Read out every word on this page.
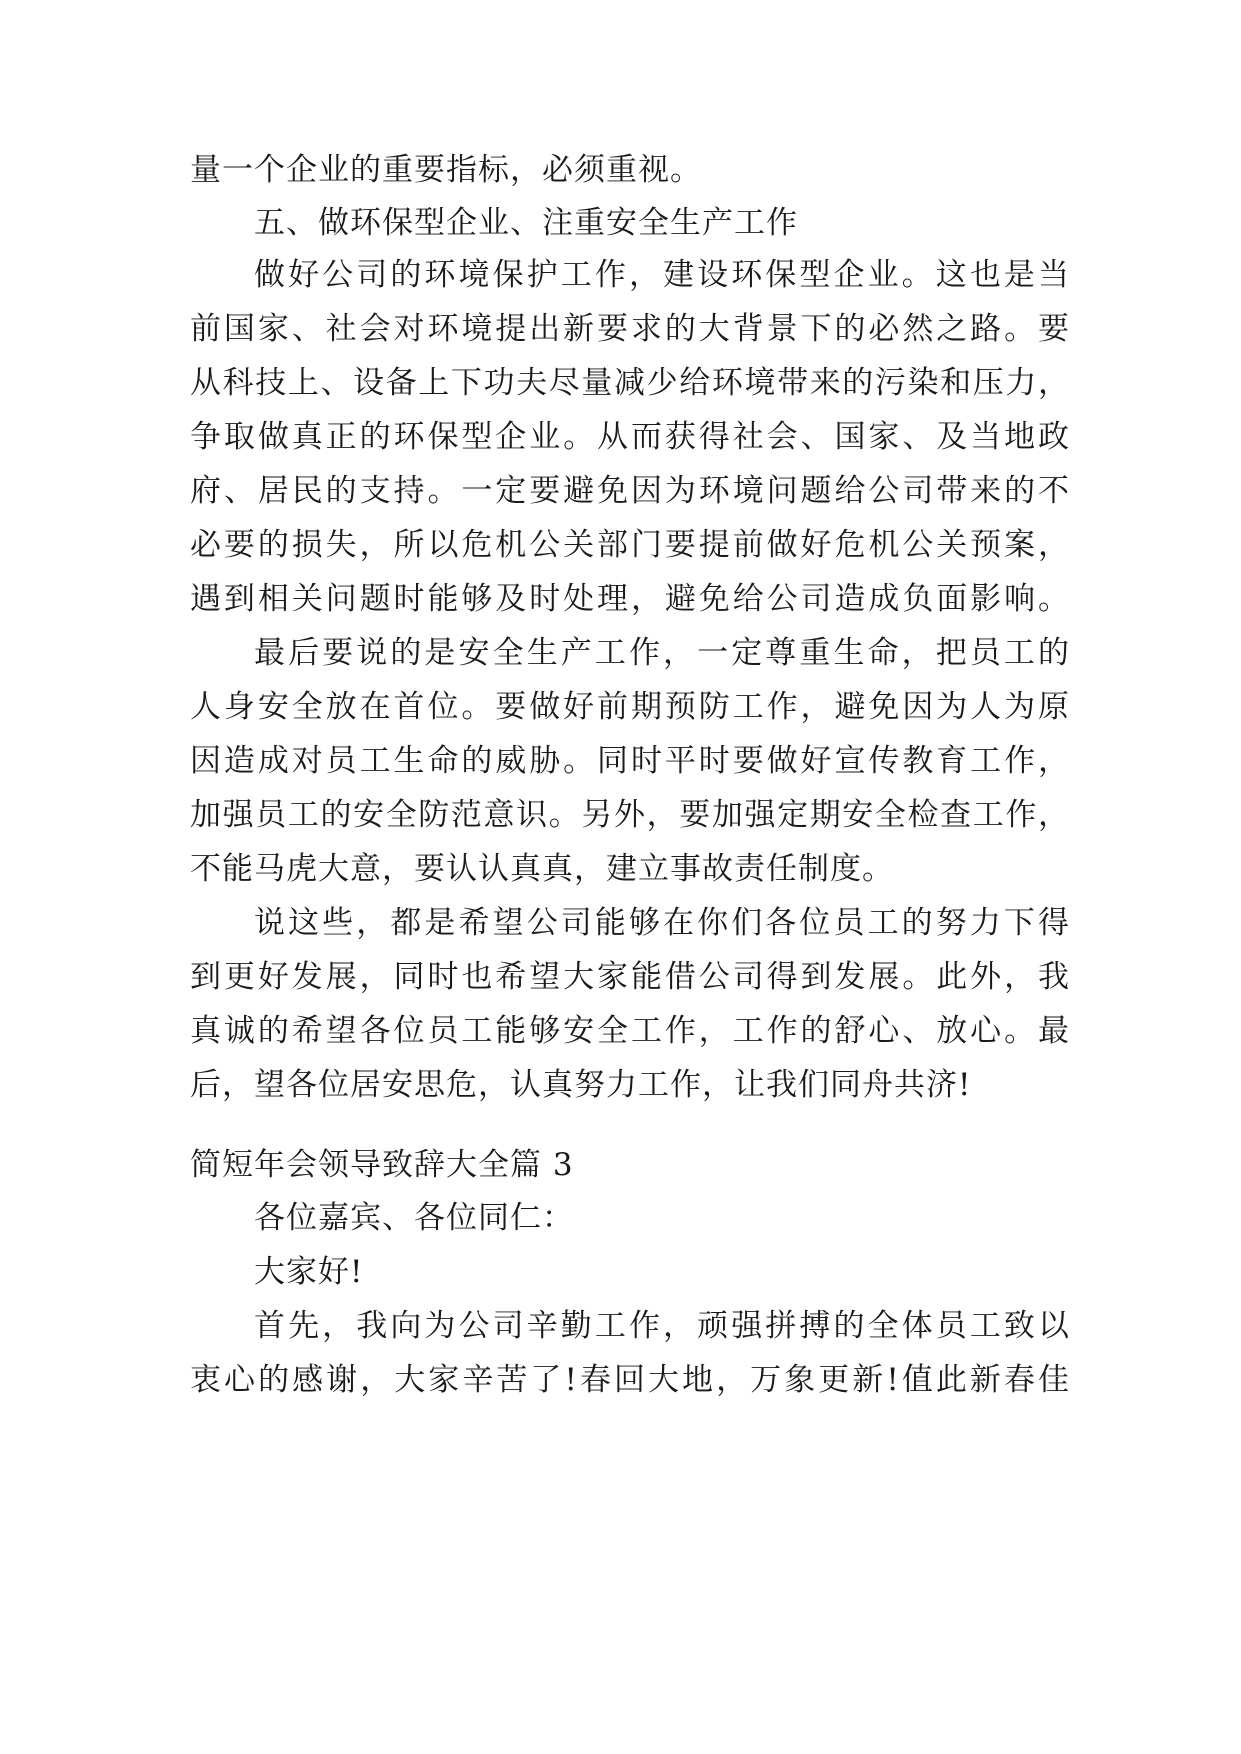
量一个企业的重要指标，必须重视。
五、做环保型企业、注重安全生产工作
做好公司的环境保护工作，建设环保型企业。这也是当
前国家、社会对环境提出新要求的大背景下的必然之路。要
从科技上、设备上下功夫尽量减少给环境带来的污染和压力，
争取做真正的环保型企业。从而获得社会、国家、及当地政
府、居民的支持。一定要避免因为环境问题给公司带来的不
必要的损失，所以危机公关部门要提前做好危机公关预案，
遇到相关问题时能够及时处理，避免给公司造成负面影响。
最后要说的是安全生产工作，一定尊重生命，把员工的
人身安全放在首位。要做好前期预防工作，避免因为人为原
因造成对员工生命的威胁。同时平时要做好宣传教育工作，
加强员工的安全防范意识。另外，要加强定期安全检查工作，
不能马虎大意，要认认真真，建立事故责任制度。
说这些，都是希望公司能够在你们各位员工的努力下得
到更好发展，同时也希望大家能借公司得到发展。此外，我
真诚的希望各位员工能够安全工作，工作的舒心、放心。最
后，望各位居安思危，认真努力工作，让我们同舟共济!
简短年会领导致辞大全篇 3
各位嘉宾、各位同仁：
大家好!
首先，我向为公司辛勤工作，顽强拼搏的全体员工致以
衷心的感谢，大家辛苦了!春回大地，万象更新!值此新春佳
